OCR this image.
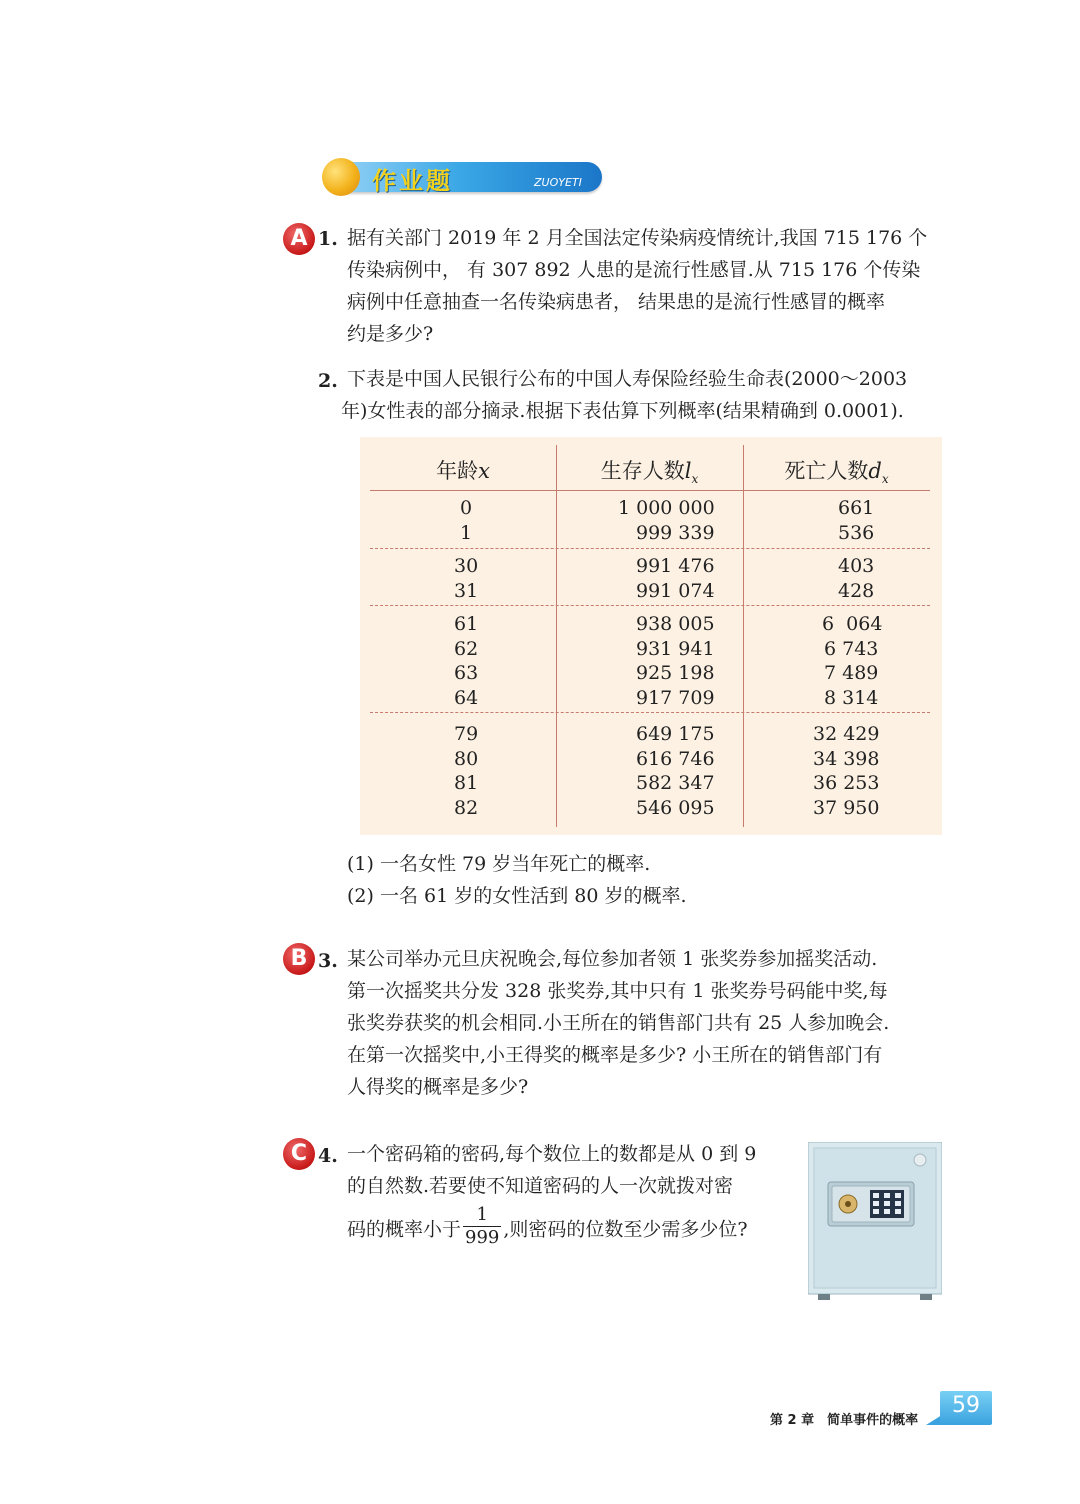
作业题	ZUOYETI
A 1. 据有关部门 2019 年 2 月全国法定传染病疫情统计,我国 715 176 个

传染病例中， 有 307 892 人患的是流行性感冒.从 715 176 个传染

病例中任意抽查一名传染病患者， 结果患的是流行性感冒的概率

约是多少?

2. 下表是中国人民银行公布的中国人寿保险经验生命表(2000～2003

年)女性表的部分摘录.根据下表估算下列概率(结果精确到 0.0001).

年龄x	生存人数$l_x$	死亡人数$d_x$
0	1 000 000	661
1	999 339	536
30	991 476	403
31	991 074	428
61	938 005	6  064
62	931 941	6 743
63	925 198	7 489
64	917 709	8 314
79	649 175	32 429
80	616 746	34 398
81	582 347	36 253
82	546 095	37 950
(1) 一名女性 79 岁当年死亡的概率.
(2) 一名 61 岁的女性活到 80 岁的概率.
B 3. 某公司举办元旦庆祝晚会,每位参加者领 1 张奖券参加摇奖活动.

第一次摇奖共分发 328 张奖券,其中只有 1 张奖券号码能中奖,每

张奖券获奖的机会相同.小王所在的销售部门共有 25 人参加晚会.

在第一次摇奖中,小王得奖的概率是多少? 小王所在的销售部门有

人得奖的概率是多少?

C 4. 一个密码箱的密码,每个数位上的数都是从 0 到 9

的自然数.若要使不知道密码的人一次就拨对密

码的概率小于 $\frac{1}{999}$ ,则密码的位数至少需多少位?

第 2 章　简单事件的概率
59
